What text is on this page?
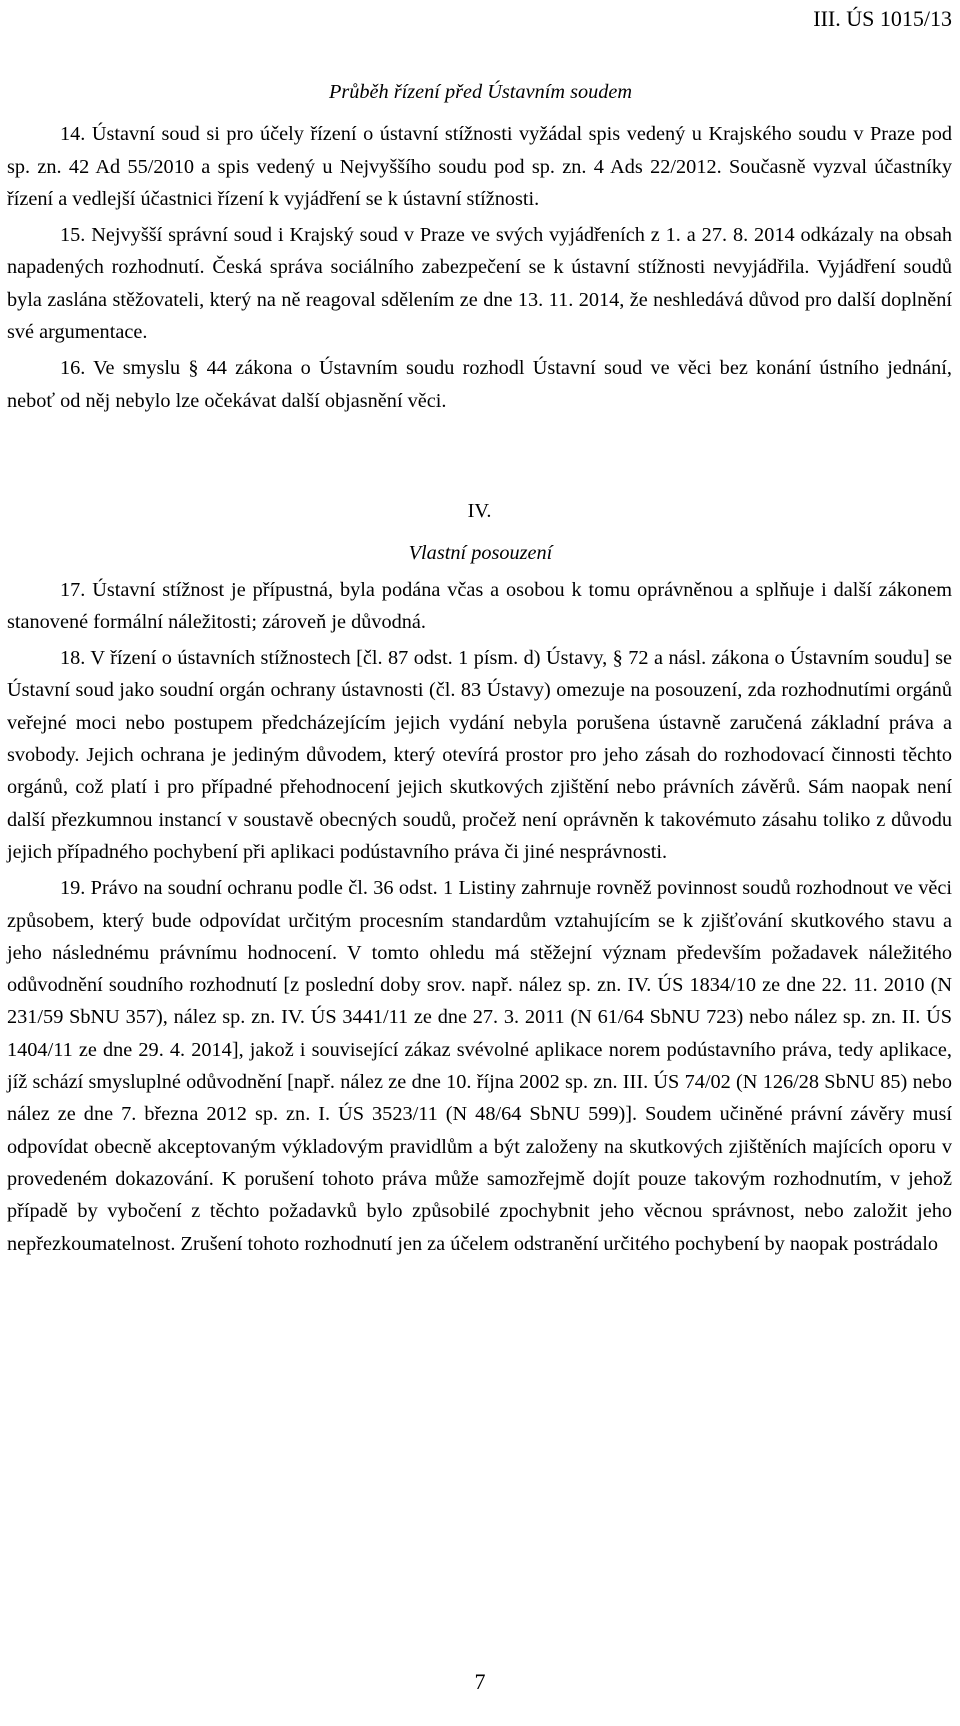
III. ÚS 1015/13

Průběh řízení před Ústavním soudem

14. Ústavní soud si pro účely řízení o ústavní stížnosti vyžádal spis vedený u Krajského soudu v Praze pod sp. zn. 42 Ad 55/2010 a spis vedený u Nejvyššího soudu pod sp. zn. 4 Ads 22/2012. Současně vyzval účastníky řízení a vedlejší účastnici řízení k vyjádření se k ústavní stížnosti.

15. Nejvyšší správní soud i Krajský soud v Praze ve svých vyjádřeních z 1. a 27. 8. 2014 odkázaly na obsah napadených rozhodnutí. Česká správa sociálního zabezpečení se k ústavní stížnosti nevyjádřila. Vyjádření soudů byla zaslána stěžovateli, který na ně reagoval sdělením ze dne 13. 11. 2014, že neshledává důvod pro další doplnění své argumentace.

16. Ve smyslu § 44 zákona o Ústavním soudu rozhodl Ústavní soud ve věci bez konání ústního jednání, neboť od něj nebylo lze očekávat další objasnění věci.

IV.

Vlastní posouzení

17. Ústavní stížnost je přípustná, byla podána včas a osobou k tomu oprávněnou a splňuje i další zákonem stanovené formální náležitosti; zároveň je důvodná.

18. V řízení o ústavních stížnostech [čl. 87 odst. 1 písm. d) Ústavy, § 72 a násl. zákona o Ústavním soudu] se Ústavní soud jako soudní orgán ochrany ústavnosti (čl. 83 Ústavy) omezuje na posouzení, zda rozhodnutími orgánů veřejné moci nebo postupem předcházejícím jejich vydání nebyla porušena ústavně zaručená základní práva a svobody. Jejich ochrana je jediným důvodem, který otevírá prostor pro jeho zásah do rozhodovací činnosti těchto orgánů, což platí i pro případné přehodnocení jejich skutkových zjištění nebo právních závěrů. Sám naopak není další přezkumnou instancí v soustavě obecných soudů, pročež není oprávněn k takovémuto zásahu toliko z důvodu jejich případného pochybení při aplikaci podústavního práva či jiné nesprávnosti.

19. Právo na soudní ochranu podle čl. 36 odst. 1 Listiny zahrnuje rovněž povinnost soudů rozhodnout ve věci způsobem, který bude odpovídat určitým procesním standardům vztahujícím se k zjišťování skutkového stavu a jeho následnému právnímu hodnocení. V tomto ohledu má stěžejní význam především požadavek náležitého odůvodnění soudního rozhodnutí [z poslední doby srov. např. nález sp. zn. IV. ÚS 1834/10 ze dne 22. 11. 2010 (N 231/59 SbNU 357), nález sp. zn. IV. ÚS 3441/11 ze dne 27. 3. 2011 (N 61/64 SbNU 723) nebo nález sp. zn. II. ÚS 1404/11 ze dne 29. 4. 2014], jakož i související zákaz svévolné aplikace norem podústavního práva, tedy aplikace, jíž schází smysluplné odůvodnění [např. nález ze dne 10. října 2002 sp. zn. III. ÚS 74/02 (N 126/28 SbNU 85) nebo nález ze dne 7. března 2012 sp. zn. I. ÚS 3523/11 (N 48/64 SbNU 599)]. Soudem učiněné právní závěry musí odpovídat obecně akceptovaným výkladovým pravidlům a být založeny na skutkových zjištěních majících oporu v provedeném dokazování. K porušení tohoto práva může samozřejmě dojít pouze takovým rozhodnutím, v jehož případě by vybočení z těchto požadavků bylo způsobilé zpochybnit jeho věcnou správnost, nebo založit jeho nepřezkoumatelnost. Zrušení tohoto rozhodnutí jen za účelem odstranění určitého pochybení by naopak postrádalo

7
